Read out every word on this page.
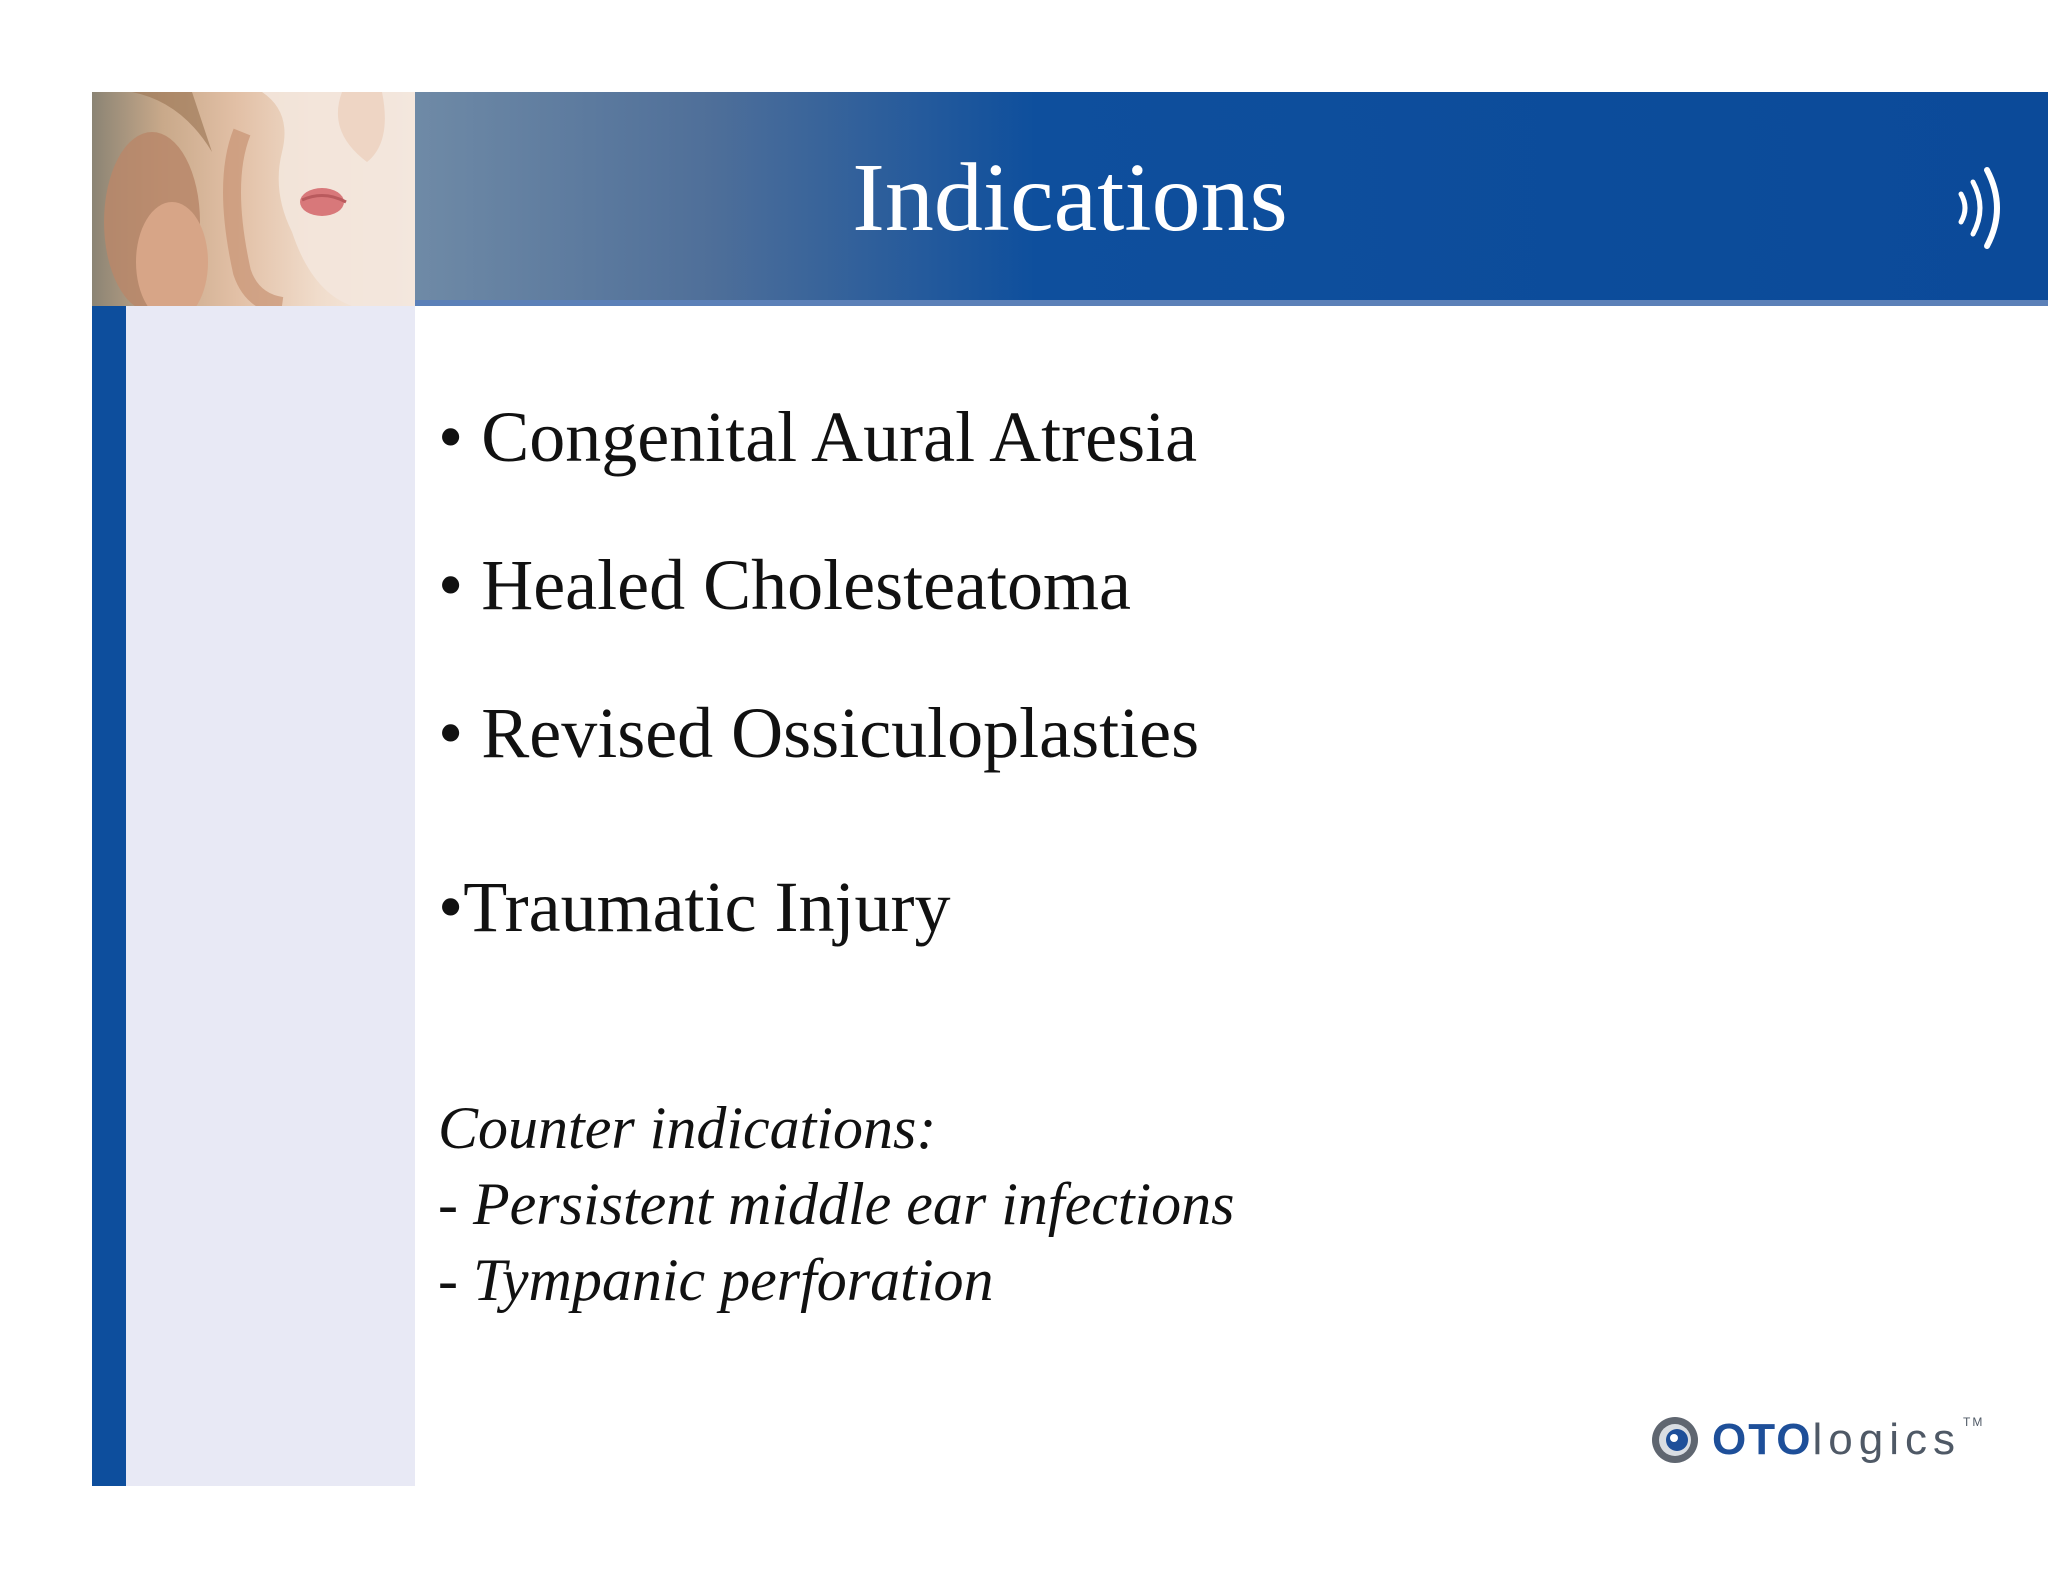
Indications
• Congenital Aural Atresia
• Healed Cholesteatoma
• Revised Ossiculoplasties
•Traumatic Injury
Counter indications:
- Persistent middle ear infections
- Tympanic perforation
OTOlogics ™
